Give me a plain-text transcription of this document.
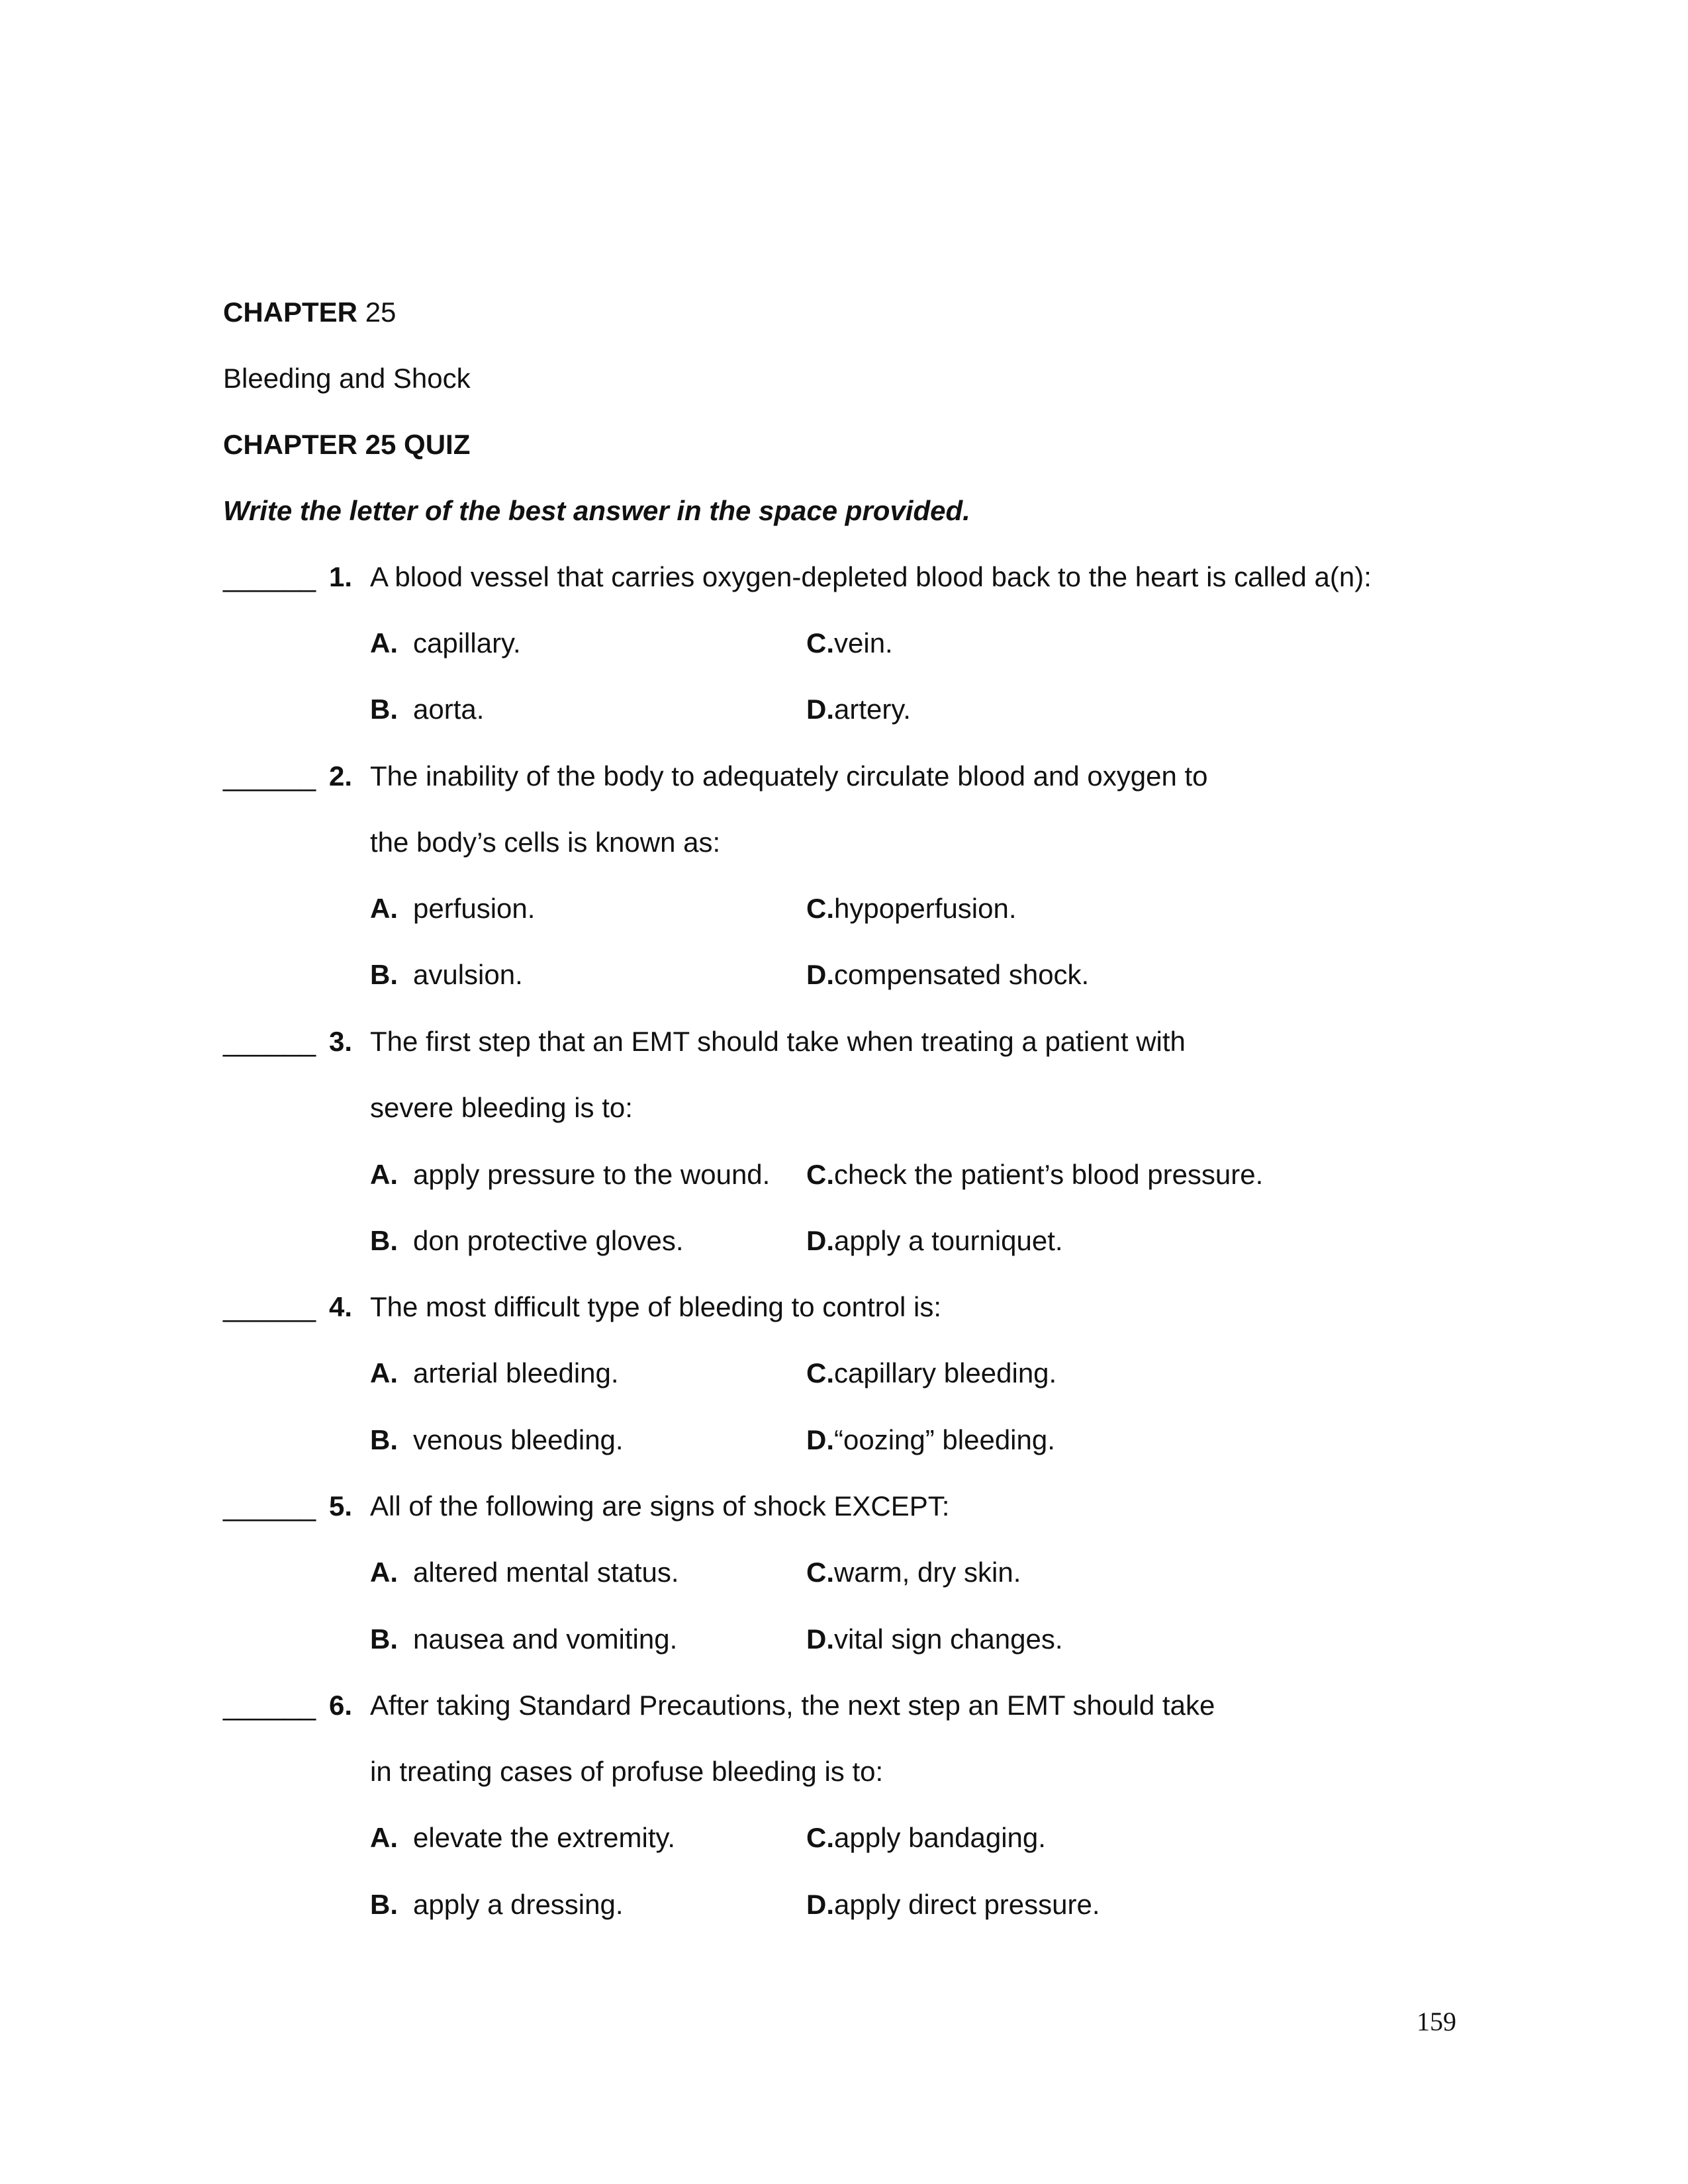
CHAPTER 25
Bleeding and Shock
CHAPTER 25 QUIZ
Write the letter of the best answer in the space provided.
______ 1. A blood vessel that carries oxygen-depleted blood back to the heart is called a(n):
A. capillary.	C.vein.
B. aorta.	D.artery.
______ 2. The inability of the body to adequately circulate blood and oxygen to
the body’s cells is known as:
A. perfusion.	C.hypoperfusion.
B. avulsion.	D.compensated shock.
______ 3. The first step that an EMT should take when treating a patient with
severe bleeding is to:
A. apply pressure to the wound. C.check the patient’s blood pressure.
B. don protective gloves.	D.apply a tourniquet.
______ 4. The most difficult type of bleeding to control is:
A. arterial bleeding.	C.capillary bleeding.
B. venous bleeding.	D.“oozing” bleeding.
______ 5. All of the following are signs of shock EXCEPT:
A. altered mental status.	C.warm, dry skin.
B. nausea and vomiting.	D.vital sign changes.
______ 6. After taking Standard Precautions, the next step an EMT should take
in treating cases of profuse bleeding is to:
A. elevate the extremity.	C.apply bandaging.
B. apply a dressing.	D.apply direct pressure.
159
